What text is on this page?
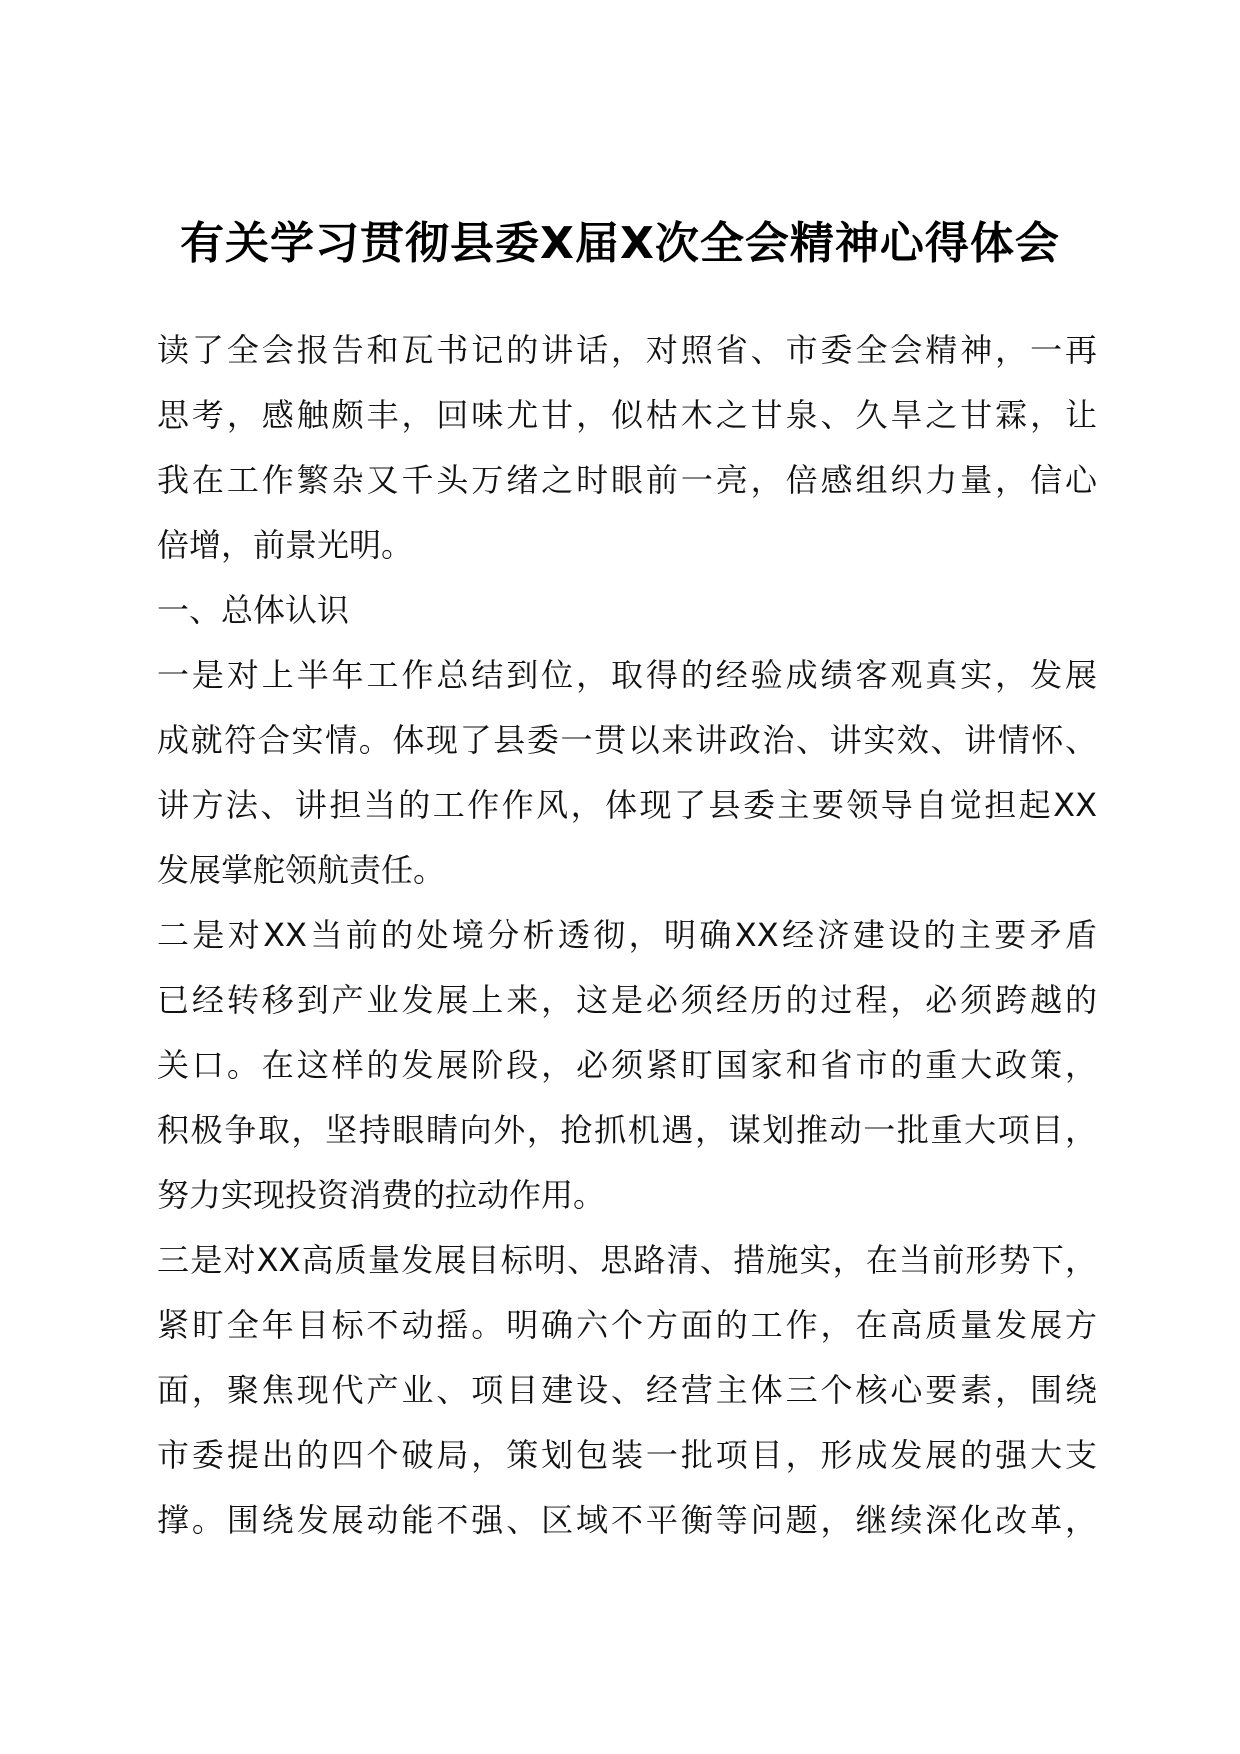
有关学习贯彻县委X届X次全会精神心得体会
读了全会报告和瓦书记的讲话，对照省、市委全会精神，一再
思考，感触颇丰，回味尤甘，似枯木之甘泉、久旱之甘霖，让
我在工作繁杂又千头万绪之时眼前一亮，倍感组织力量，信心
倍增，前景光明。
一、总体认识
一是对上半年工作总结到位，取得的经验成绩客观真实，发展
成就符合实情。体现了县委一贯以来讲政治、讲实效、讲情怀、
讲方法、讲担当的工作作风，体现了县委主要领导自觉担起XX
发展掌舵领航责任。
二是对XX当前的处境分析透彻，明确XX经济建设的主要矛盾
已经转移到产业发展上来，这是必须经历的过程，必须跨越的
关口。在这样的发展阶段，必须紧盯国家和省市的重大政策，
积极争取，坚持眼睛向外，抢抓机遇，谋划推动一批重大项目，
努力实现投资消费的拉动作用。
三是对XX高质量发展目标明、思路清、措施实，在当前形势下，
紧盯全年目标不动摇。明确六个方面的工作，在高质量发展方
面，聚焦现代产业、项目建设、经营主体三个核心要素，围绕
市委提出的四个破局，策划包装一批项目，形成发展的强大支
撑。围绕发展动能不强、区域不平衡等问题，继续深化改革，
